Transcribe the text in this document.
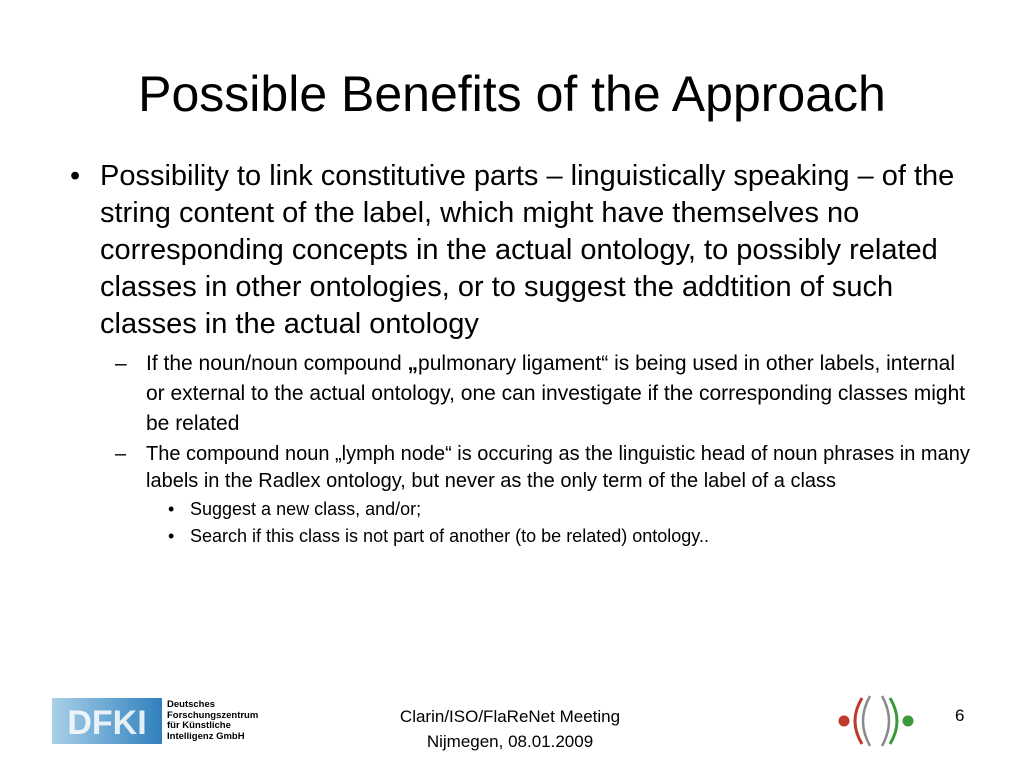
Possible Benefits of the Approach
• Possibility to link constitutive parts – linguistically speaking – of the string content of the label, which might have themselves no corresponding concepts in the actual ontology, to possibly related classes in other ontologies, or to suggest the addtition of such classes in the actual ontology
– If the noun/noun compound „pulmonary ligament“ is being used in other labels, internal or external to the actual ontology, one can investigate if the corresponding classes might be related
– The compound noun „lymph node“ is occuring as the linguistic head of noun phrases in many labels in the Radlex ontology, but never as the only term of the label of a class
• Suggest a new class, and/or;
• Search if this class is not part of another (to be related) ontology..
DFKI Deutsches
Forschungszentrum
für Künstliche
Intelligenz GmbH
Clarin/ISO/FlaReNet Meeting
Nijmegen, 08.01.2009
6
